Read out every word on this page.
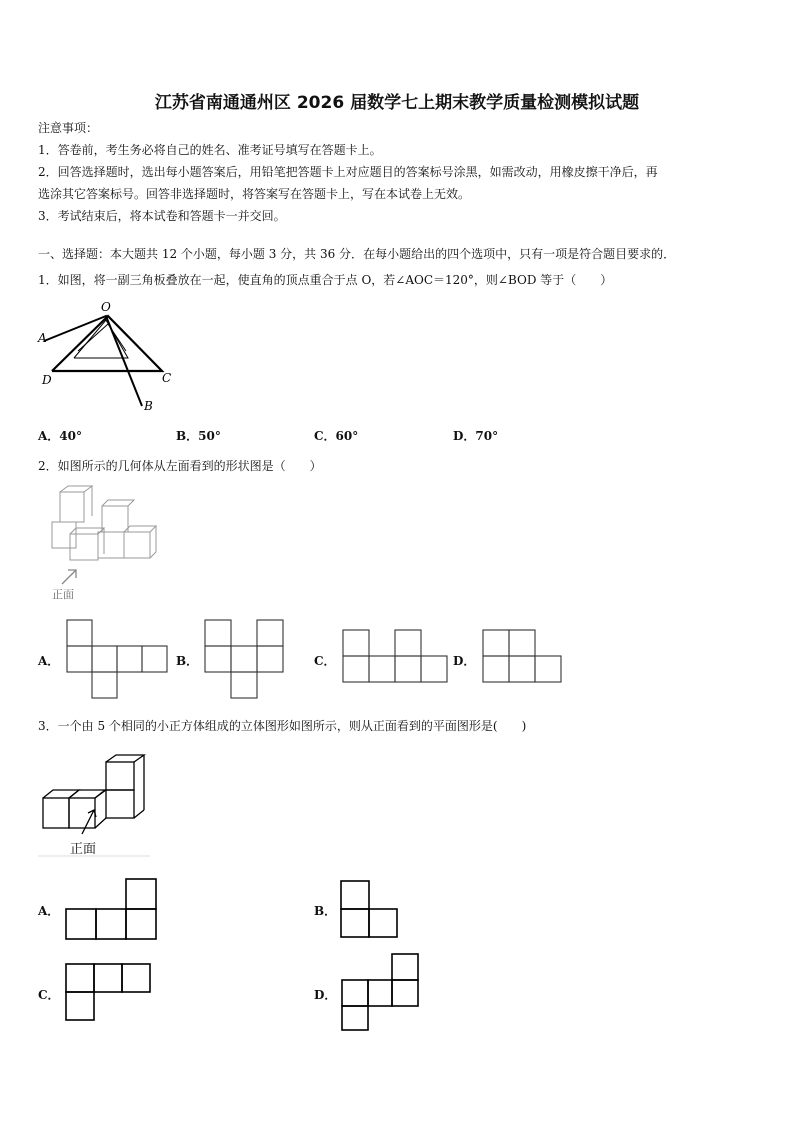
江苏省南通通州区 2026 届数学七上期末教学质量检测模拟试题
注意事项：
1．答卷前，考生务必将自己的姓名、准考证号填写在答题卡上。
2．回答选择题时，选出每小题答案后，用铅笔把答题卡上对应题目的答案标号涂黑，如需改动，用橡皮擦干净后，再
选涂其它答案标号。回答非选择题时，将答案写在答题卡上，写在本试卷上无效。
3．考试结束后，将本试卷和答题卡一并交回。
一、选择题：本大题共 12 个小题，每小题 3 分，共 36 分．在每小题给出的四个选项中，只有一项是符合题目要求的．
1．如图，将一副三角板叠放在一起，使直角的顶点重合于点 O，若∠AOC＝120°，则∠BOD 等于（　　）
O
A
D	C
B
A．40°	B．50°	C．60°	D．70°
2．如图所示的几何体从左面看到的形状图是（　　）
正面
A．	B．	C．	D．
3．一个由 5 个相同的小正方体组成的立体图形如图所示，则从正面看到的平面图形是(　　)
正面
A．	B．
C．	D．
